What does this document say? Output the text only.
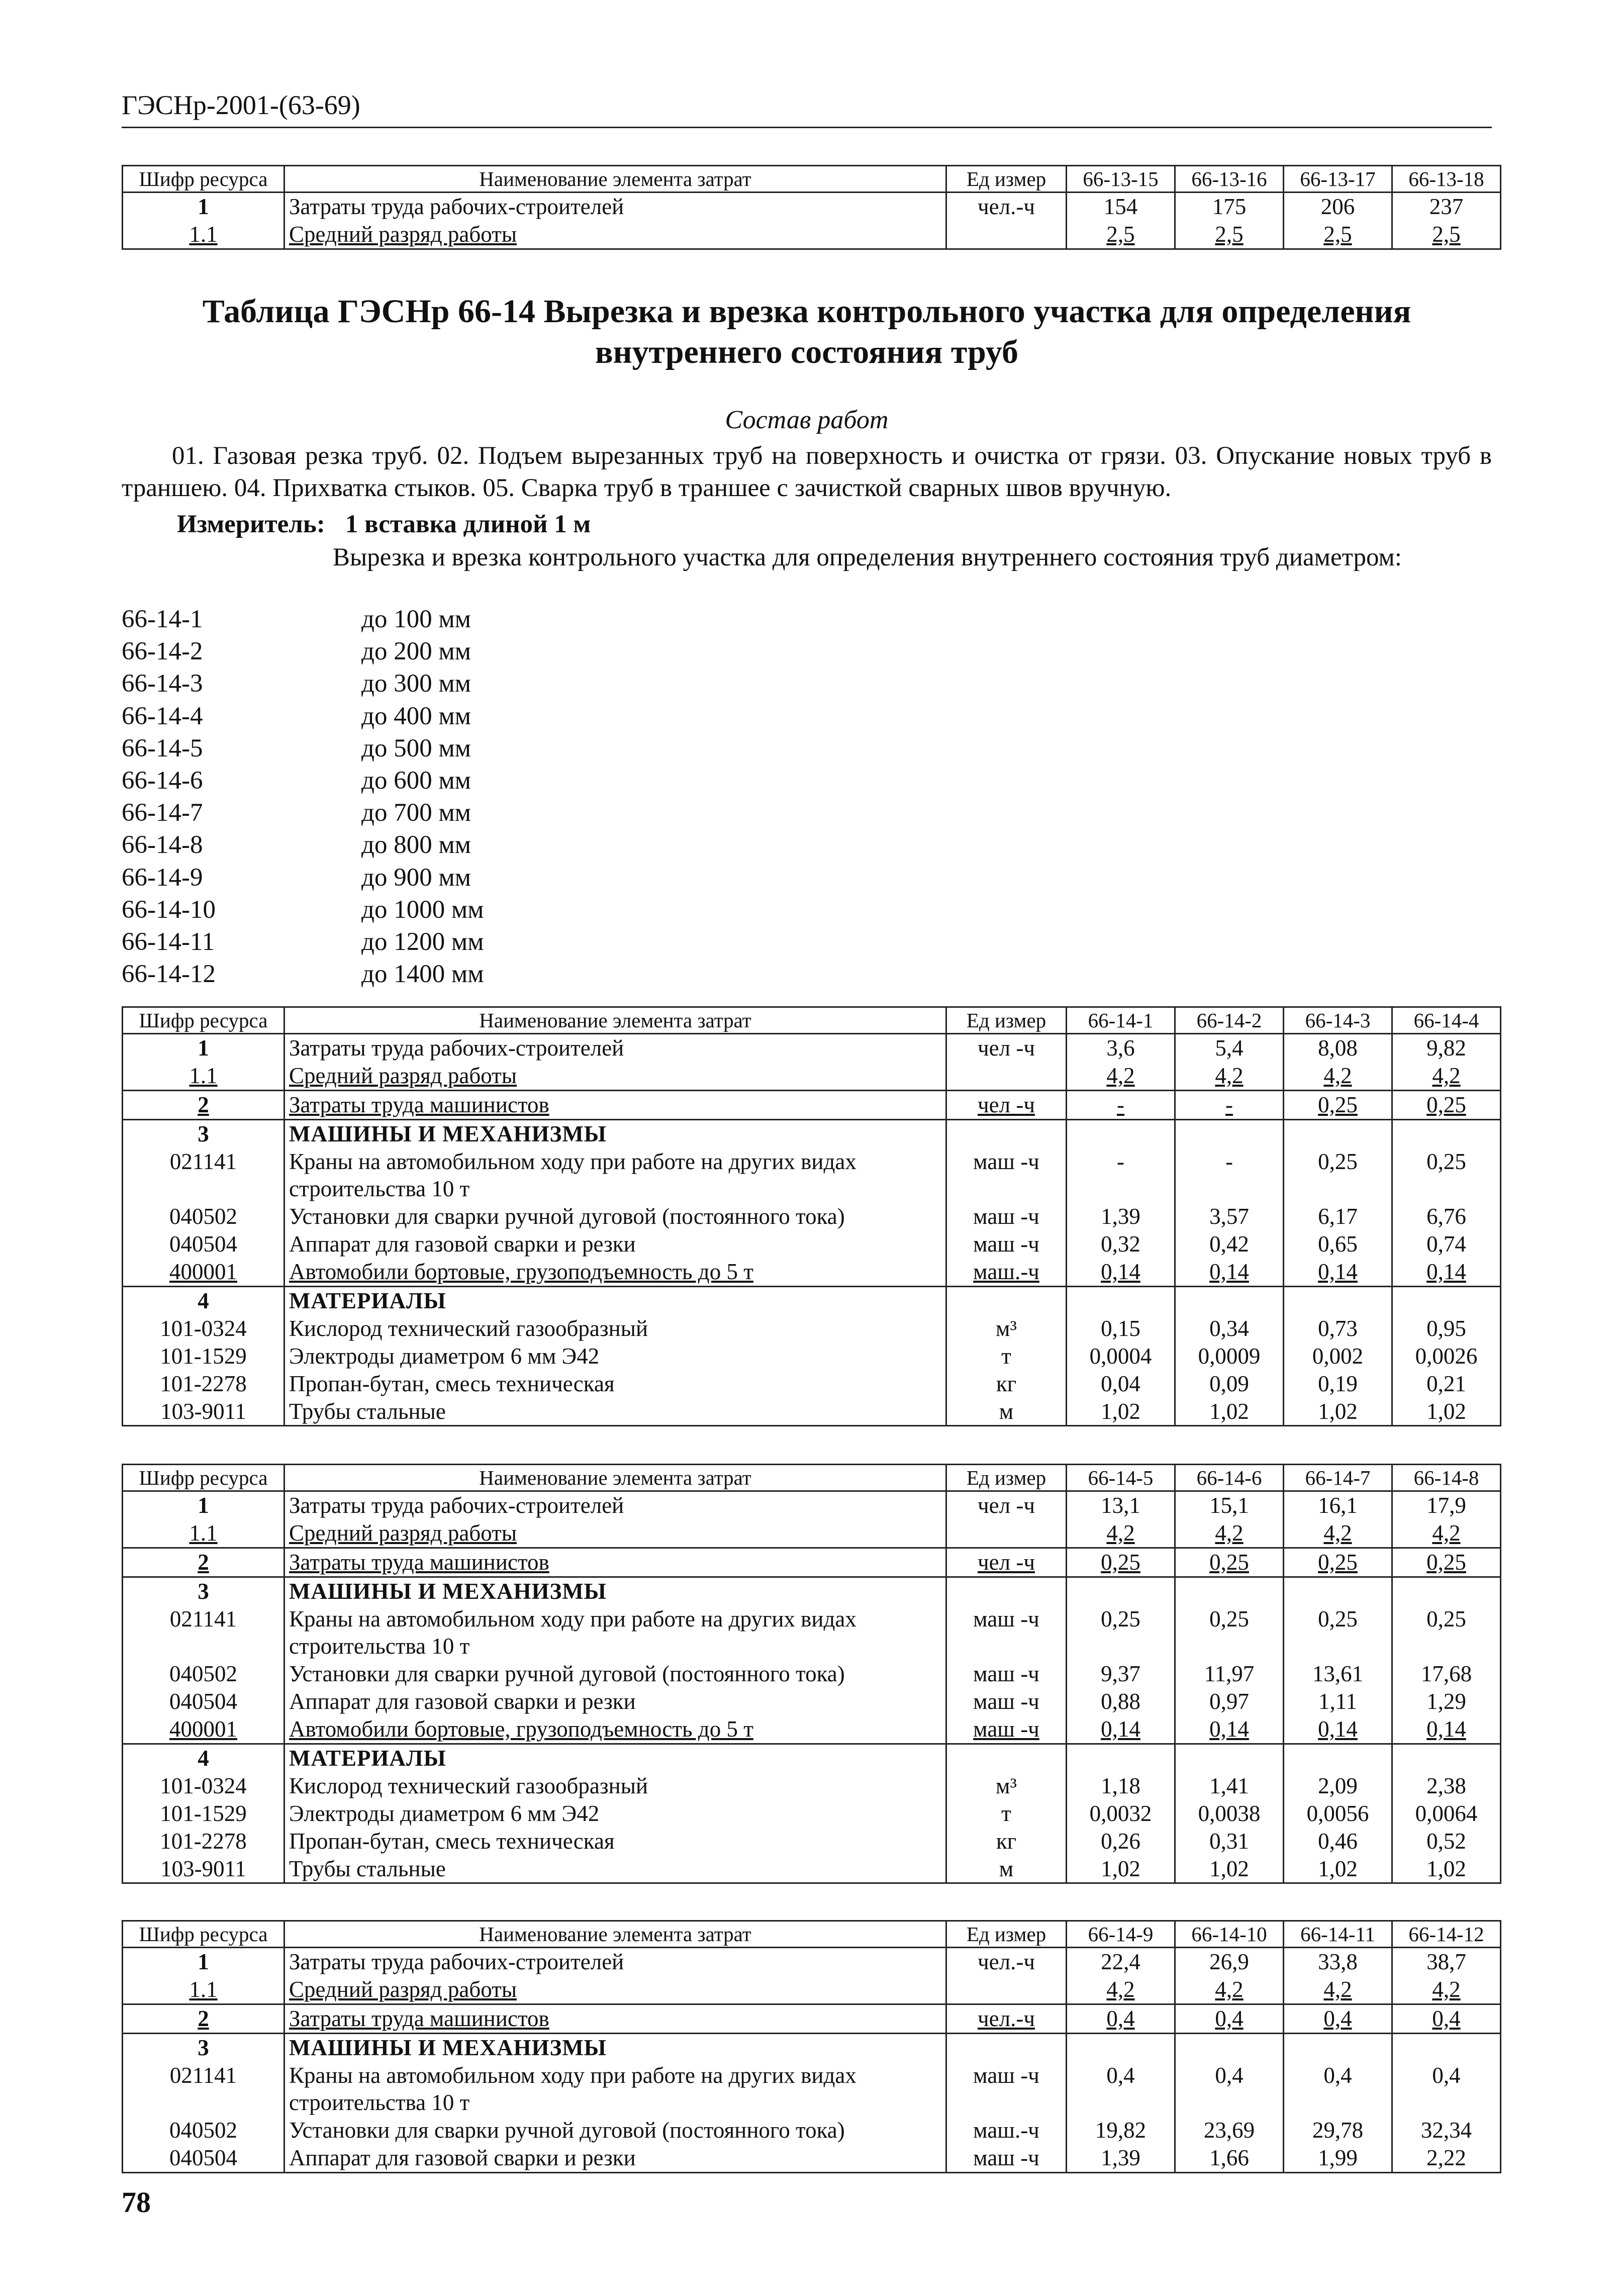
ГЭСНр-2001-(63-69)
Шифр ресурса	Наименование элемента затрат	Ед измер	66-13-15	66-13-16	66-13-17	66-13-18
1	Затраты труда рабочих-строителей	чел.-ч	154	175	206	237
1.1	Средний разряд работы		2,5	2,5	2,5	2,5
Таблица ГЭСНр 66-14 Вырезка и врезка контрольного участка для определения внутреннего состояния труб
Состав работ
01. Газовая резка труб. 02. Подъем вырезанных труб на поверхность и очистка от грязи. 03. Опускание новых труб в траншею. 04. Прихватка стыков. 05. Сварка труб в траншее с зачисткой сварных швов вручную.
Измеритель: 1 вставка длиной 1 м
Вырезка и врезка контрольного участка для определения внутреннего состояния труб диаметром:
66-14-1	до 100 мм
66-14-2	до 200 мм
66-14-3	до 300 мм
66-14-4	до 400 мм
66-14-5	до 500 мм
66-14-6	до 600 мм
66-14-7	до 700 мм
66-14-8	до 800 мм
66-14-9	до 900 мм
66-14-10	до 1000 мм
66-14-11	до 1200 мм
66-14-12	до 1400 мм
Шифр ресурса	Наименование элемента затрат	Ед измер	66-14-1	66-14-2	66-14-3	66-14-4
1	Затраты труда рабочих-строителей	чел -ч	3,6	5,4	8,08	9,82
1.1	Средний разряд работы		4,2	4,2	4,2	4,2
2	Затраты труда машинистов	чел -ч	-	-	0,25	0,25
3	МАШИНЫ И МЕХАНИЗМЫ					
021141	Краны на автомобильном ходу при работе на других видах строительства 10 т	маш -ч	-	-	0,25	0,25
040502	Установки для сварки ручной дуговой (постоянного тока)	маш -ч	1,39	3,57	6,17	6,76
040504	Аппарат для газовой сварки и резки	маш -ч	0,32	0,42	0,65	0,74
400001	Автомобили бортовые, грузоподъемность до 5 т	маш.-ч	0,14	0,14	0,14	0,14
4	МАТЕРИАЛЫ					
101-0324	Кислород технический газообразный	м³	0,15	0,34	0,73	0,95
101-1529	Электроды диаметром 6 мм Э42	т	0,0004	0,0009	0,002	0,0026
101-2278	Пропан-бутан, смесь техническая	кг	0,04	0,09	0,19	0,21
103-9011	Трубы стальные	м	1,02	1,02	1,02	1,02
Шифр ресурса	Наименование элемента затрат	Ед измер	66-14-5	66-14-6	66-14-7	66-14-8
1	Затраты труда рабочих-строителей	чел -ч	13,1	15,1	16,1	17,9
1.1	Средний разряд работы		4,2	4,2	4,2	4,2
2	Затраты труда машинистов	чел -ч	0,25	0,25	0,25	0,25
3	МАШИНЫ И МЕХАНИЗМЫ					
021141	Краны на автомобильном ходу при работе на других видах строительства 10 т	маш -ч	0,25	0,25	0,25	0,25
040502	Установки для сварки ручной дуговой (постоянного тока)	маш -ч	9,37	11,97	13,61	17,68
040504	Аппарат для газовой сварки и резки	маш -ч	0,88	0,97	1,11	1,29
400001	Автомобили бортовые, грузоподъемность до 5 т	маш -ч	0,14	0,14	0,14	0,14
4	МАТЕРИАЛЫ					
101-0324	Кислород технический газообразный	м³	1,18	1,41	2,09	2,38
101-1529	Электроды диаметром 6 мм Э42	т	0,0032	0,0038	0,0056	0,0064
101-2278	Пропан-бутан, смесь техническая	кг	0,26	0,31	0,46	0,52
103-9011	Трубы стальные	м	1,02	1,02	1,02	1,02
Шифр ресурса	Наименование элемента затрат	Ед измер	66-14-9	66-14-10	66-14-11	66-14-12
1	Затраты труда рабочих-строителей	чел.-ч	22,4	26,9	33,8	38,7
1.1	Средний разряд работы		4,2	4,2	4,2	4,2
2	Затраты труда машинистов	чел.-ч	0,4	0,4	0,4	0,4
3	МАШИНЫ И МЕХАНИЗМЫ					
021141	Краны на автомобильном ходу при работе на других видах строительства 10 т	маш -ч	0,4	0,4	0,4	0,4
040502	Установки для сварки ручной дуговой (постоянного тока)	маш.-ч	19,82	23,69	29,78	32,34
040504	Аппарат для газовой сварки и резки	маш -ч	1,39	1,66	1,99	2,22
78
